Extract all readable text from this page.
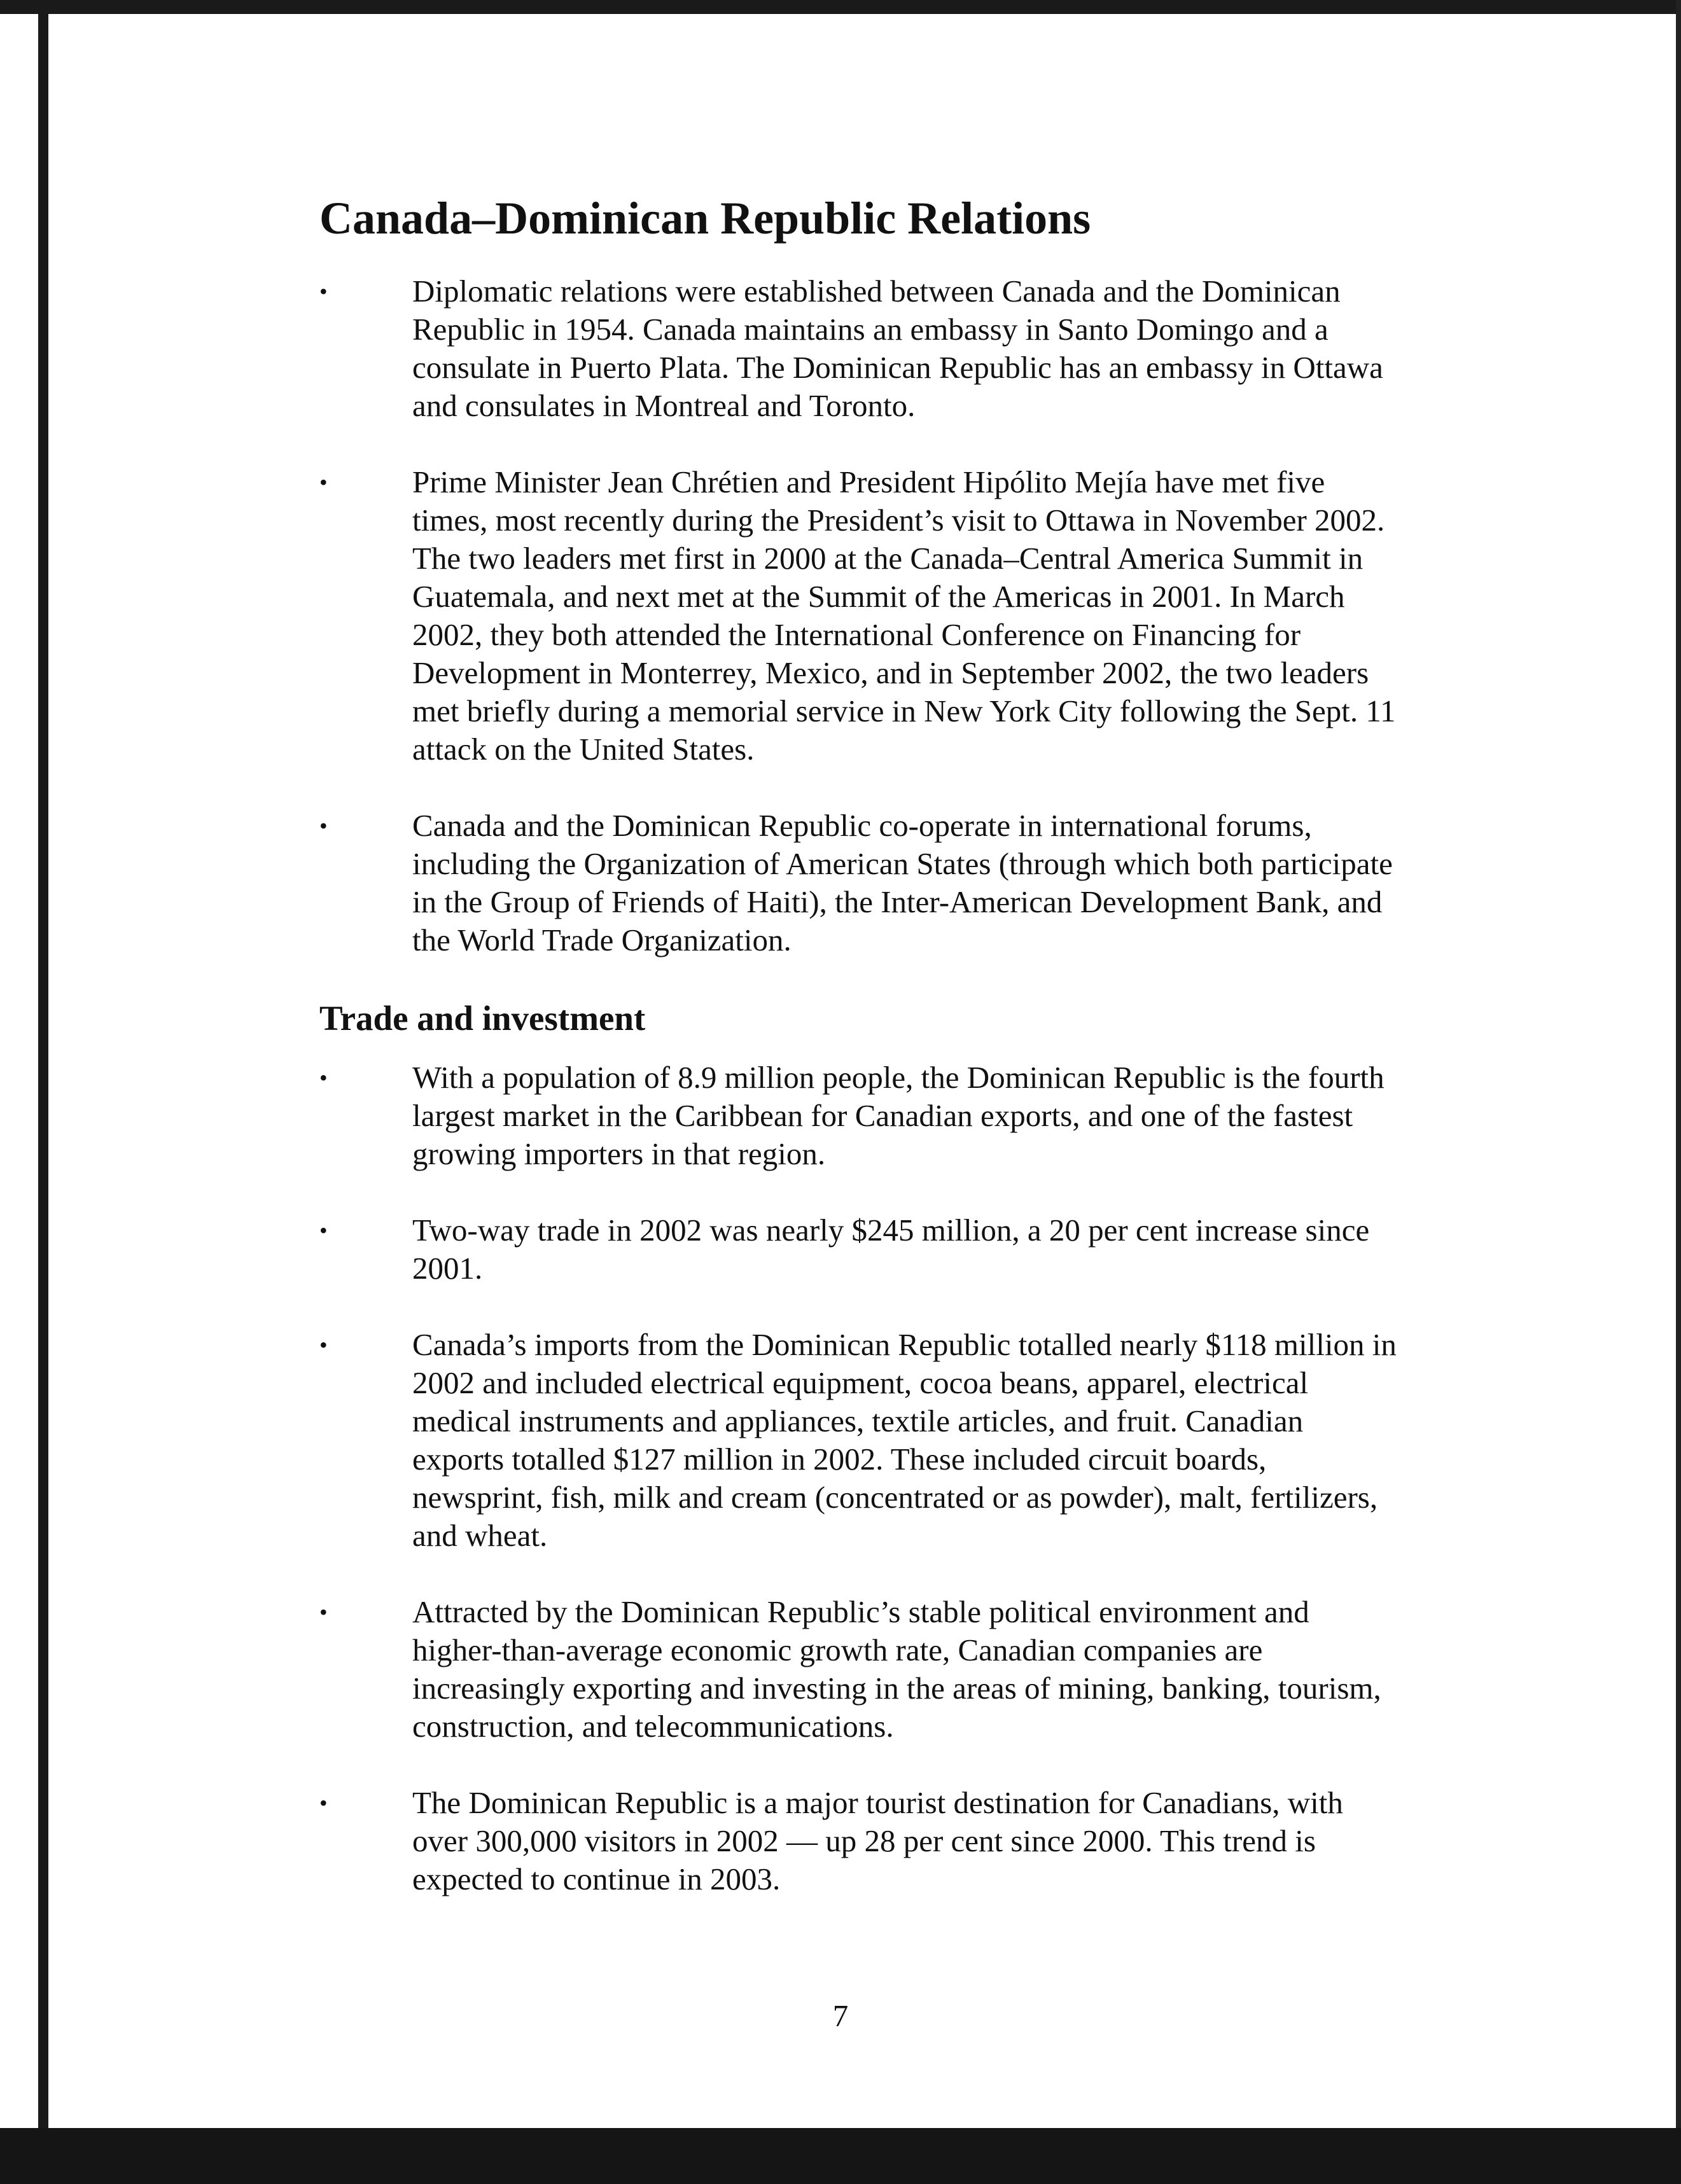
Canada–Dominican Republic Relations
•	Diplomatic relations were established between Canada and the Dominican Republic in 1954. Canada maintains an embassy in Santo Domingo and a consulate in Puerto Plata. The Dominican Republic has an embassy in Ottawa and consulates in Montreal and Toronto.
•	Prime Minister Jean Chrétien and President Hipólito Mejía have met five times, most recently during the President’s visit to Ottawa in November 2002. The two leaders met first in 2000 at the Canada–Central America Summit in Guatemala, and next met at the Summit of the Americas in 2001. In March 2002, they both attended the International Conference on Financing for Development in Monterrey, Mexico, and in September 2002, the two leaders met briefly during a memorial service in New York City following the Sept. 11 attack on the United States.
•	Canada and the Dominican Republic co-operate in international forums, including the Organization of American States (through which both participate in the Group of Friends of Haiti), the Inter-American Development Bank, and the World Trade Organization.
Trade and investment
•	With a population of 8.9 million people, the Dominican Republic is the fourth largest market in the Caribbean for Canadian exports, and one of the fastest growing importers in that region.
•	Two-way trade in 2002 was nearly $245 million, a 20 per cent increase since 2001.
•	Canada’s imports from the Dominican Republic totalled nearly $118 million in 2002 and included electrical equipment, cocoa beans, apparel, electrical medical instruments and appliances, textile articles, and fruit. Canadian exports totalled $127 million in 2002. These included circuit boards, newsprint, fish, milk and cream (concentrated or as powder), malt, fertilizers, and wheat.
•	Attracted by the Dominican Republic’s stable political environment and higher-than-average economic growth rate, Canadian companies are increasingly exporting and investing in the areas of mining, banking, tourism, construction, and telecommunications.
•	The Dominican Republic is a major tourist destination for Canadians, with over 300,000 visitors in 2002 — up 28 per cent since 2000. This trend is expected to continue in 2003.
7
